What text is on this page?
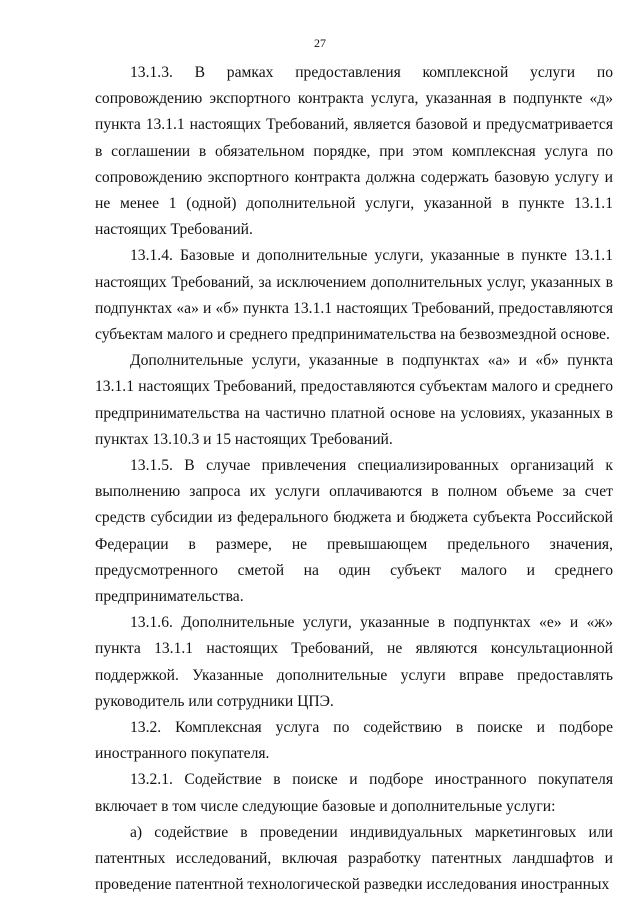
27

13.1.3. В рамках предоставления комплексной услуги по сопровождению экспортного контракта услуга, указанная в подпункте «д» пункта 13.1.1 настоящих Требований, является базовой и предусматривается в соглашении в обязательном порядке, при этом комплексная услуга по сопровождению экспортного контракта должна содержать базовую услугу и не менее 1 (одной) дополнительной услуги, указанной в пункте 13.1.1 настоящих Требований.

13.1.4. Базовые и дополнительные услуги, указанные в пункте 13.1.1 настоящих Требований, за исключением дополнительных услуг, указанных в подпунктах «а» и «б» пункта 13.1.1 настоящих Требований, предоставляются субъектам малого и среднего предпринимательства на безвозмездной основе.

Дополнительные услуги, указанные в подпунктах «а» и «б» пункта 13.1.1 настоящих Требований, предоставляются субъектам малого и среднего предпринимательства на частично платной основе на условиях, указанных в пунктах 13.10.3 и 15 настоящих Требований.

13.1.5. В случае привлечения специализированных организаций к выполнению запроса их услуги оплачиваются в полном объеме за счет средств субсидии из федерального бюджета и бюджета субъекта Российской Федерации в размере, не превышающем предельного значения, предусмотренного сметой на один субъект малого и среднего предпринимательства.

13.1.6. Дополнительные услуги, указанные в подпунктах «е» и «ж» пункта 13.1.1 настоящих Требований, не являются консультационной поддержкой. Указанные дополнительные услуги вправе предоставлять руководитель или сотрудники ЦПЭ.

13.2. Комплексная услуга по содействию в поиске и подборе иностранного покупателя.

13.2.1. Содействие в поиске и подборе иностранного покупателя включает в том числе следующие базовые и дополнительные услуги:

а) содействие в проведении индивидуальных маркетинговых или патентных исследований, включая разработку патентных ландшафтов и проведение патентной технологической разведки исследования иностранных
